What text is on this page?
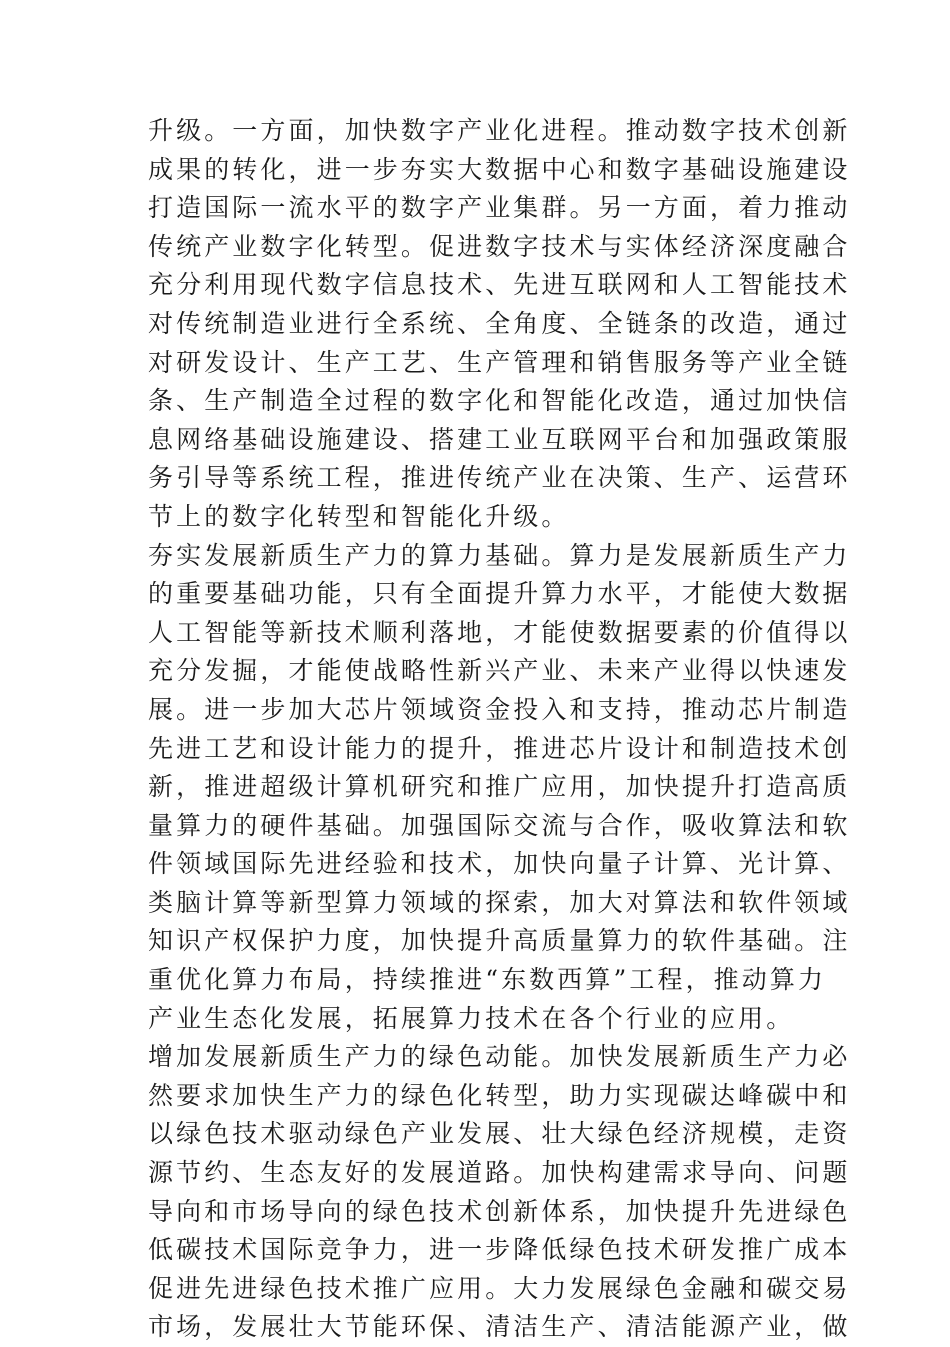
升级。一方面，加快数字产业化进程。推动数字技术创新
成果的转化，进一步夯实大数据中心和数字基础设施建设
打造国际一流水平的数字产业集群。另一方面，着力推动
传统产业数字化转型。促进数字技术与实体经济深度融合
充分利用现代数字信息技术、先进互联网和人工智能技术
对传统制造业进行全系统、全角度、全链条的改造，通过
对研发设计、生产工艺、生产管理和销售服务等产业全链
条、生产制造全过程的数字化和智能化改造，通过加快信
息网络基础设施建设、搭建工业互联网平台和加强政策服
务引导等系统工程，推进传统产业在决策、生产、运营环
节上的数字化转型和智能化升级。
夯实发展新质生产力的算力基础。算力是发展新质生产力
的重要基础功能，只有全面提升算力水平，才能使大数据
人工智能等新技术顺利落地，才能使数据要素的价值得以
充分发掘，才能使战略性新兴产业、未来产业得以快速发
展。进一步加大芯片领域资金投入和支持，推动芯片制造
先进工艺和设计能力的提升，推进芯片设计和制造技术创
新，推进超级计算机研究和推广应用，加快提升打造高质
量算力的硬件基础。加强国际交流与合作，吸收算法和软
件领域国际先进经验和技术，加快向量子计算、光计算、
类脑计算等新型算力领域的探索，加大对算法和软件领域
知识产权保护力度，加快提升高质量算力的软件基础。注
重优化算力布局，持续推进“东数西算”工程，推动算力
产业生态化发展，拓展算力技术在各个行业的应用。
增加发展新质生产力的绿色动能。加快发展新质生产力必
然要求加快生产力的绿色化转型，助力实现碳达峰碳中和
以绿色技术驱动绿色产业发展、壮大绿色经济规模，走资
源节约、生态友好的发展道路。加快构建需求导向、问题
导向和市场导向的绿色技术创新体系，加快提升先进绿色
低碳技术国际竞争力，进一步降低绿色技术研发推广成本
促进先进绿色技术推广应用。大力发展绿色金融和碳交易
市场，发展壮大节能环保、清洁生产、清洁能源产业，做
